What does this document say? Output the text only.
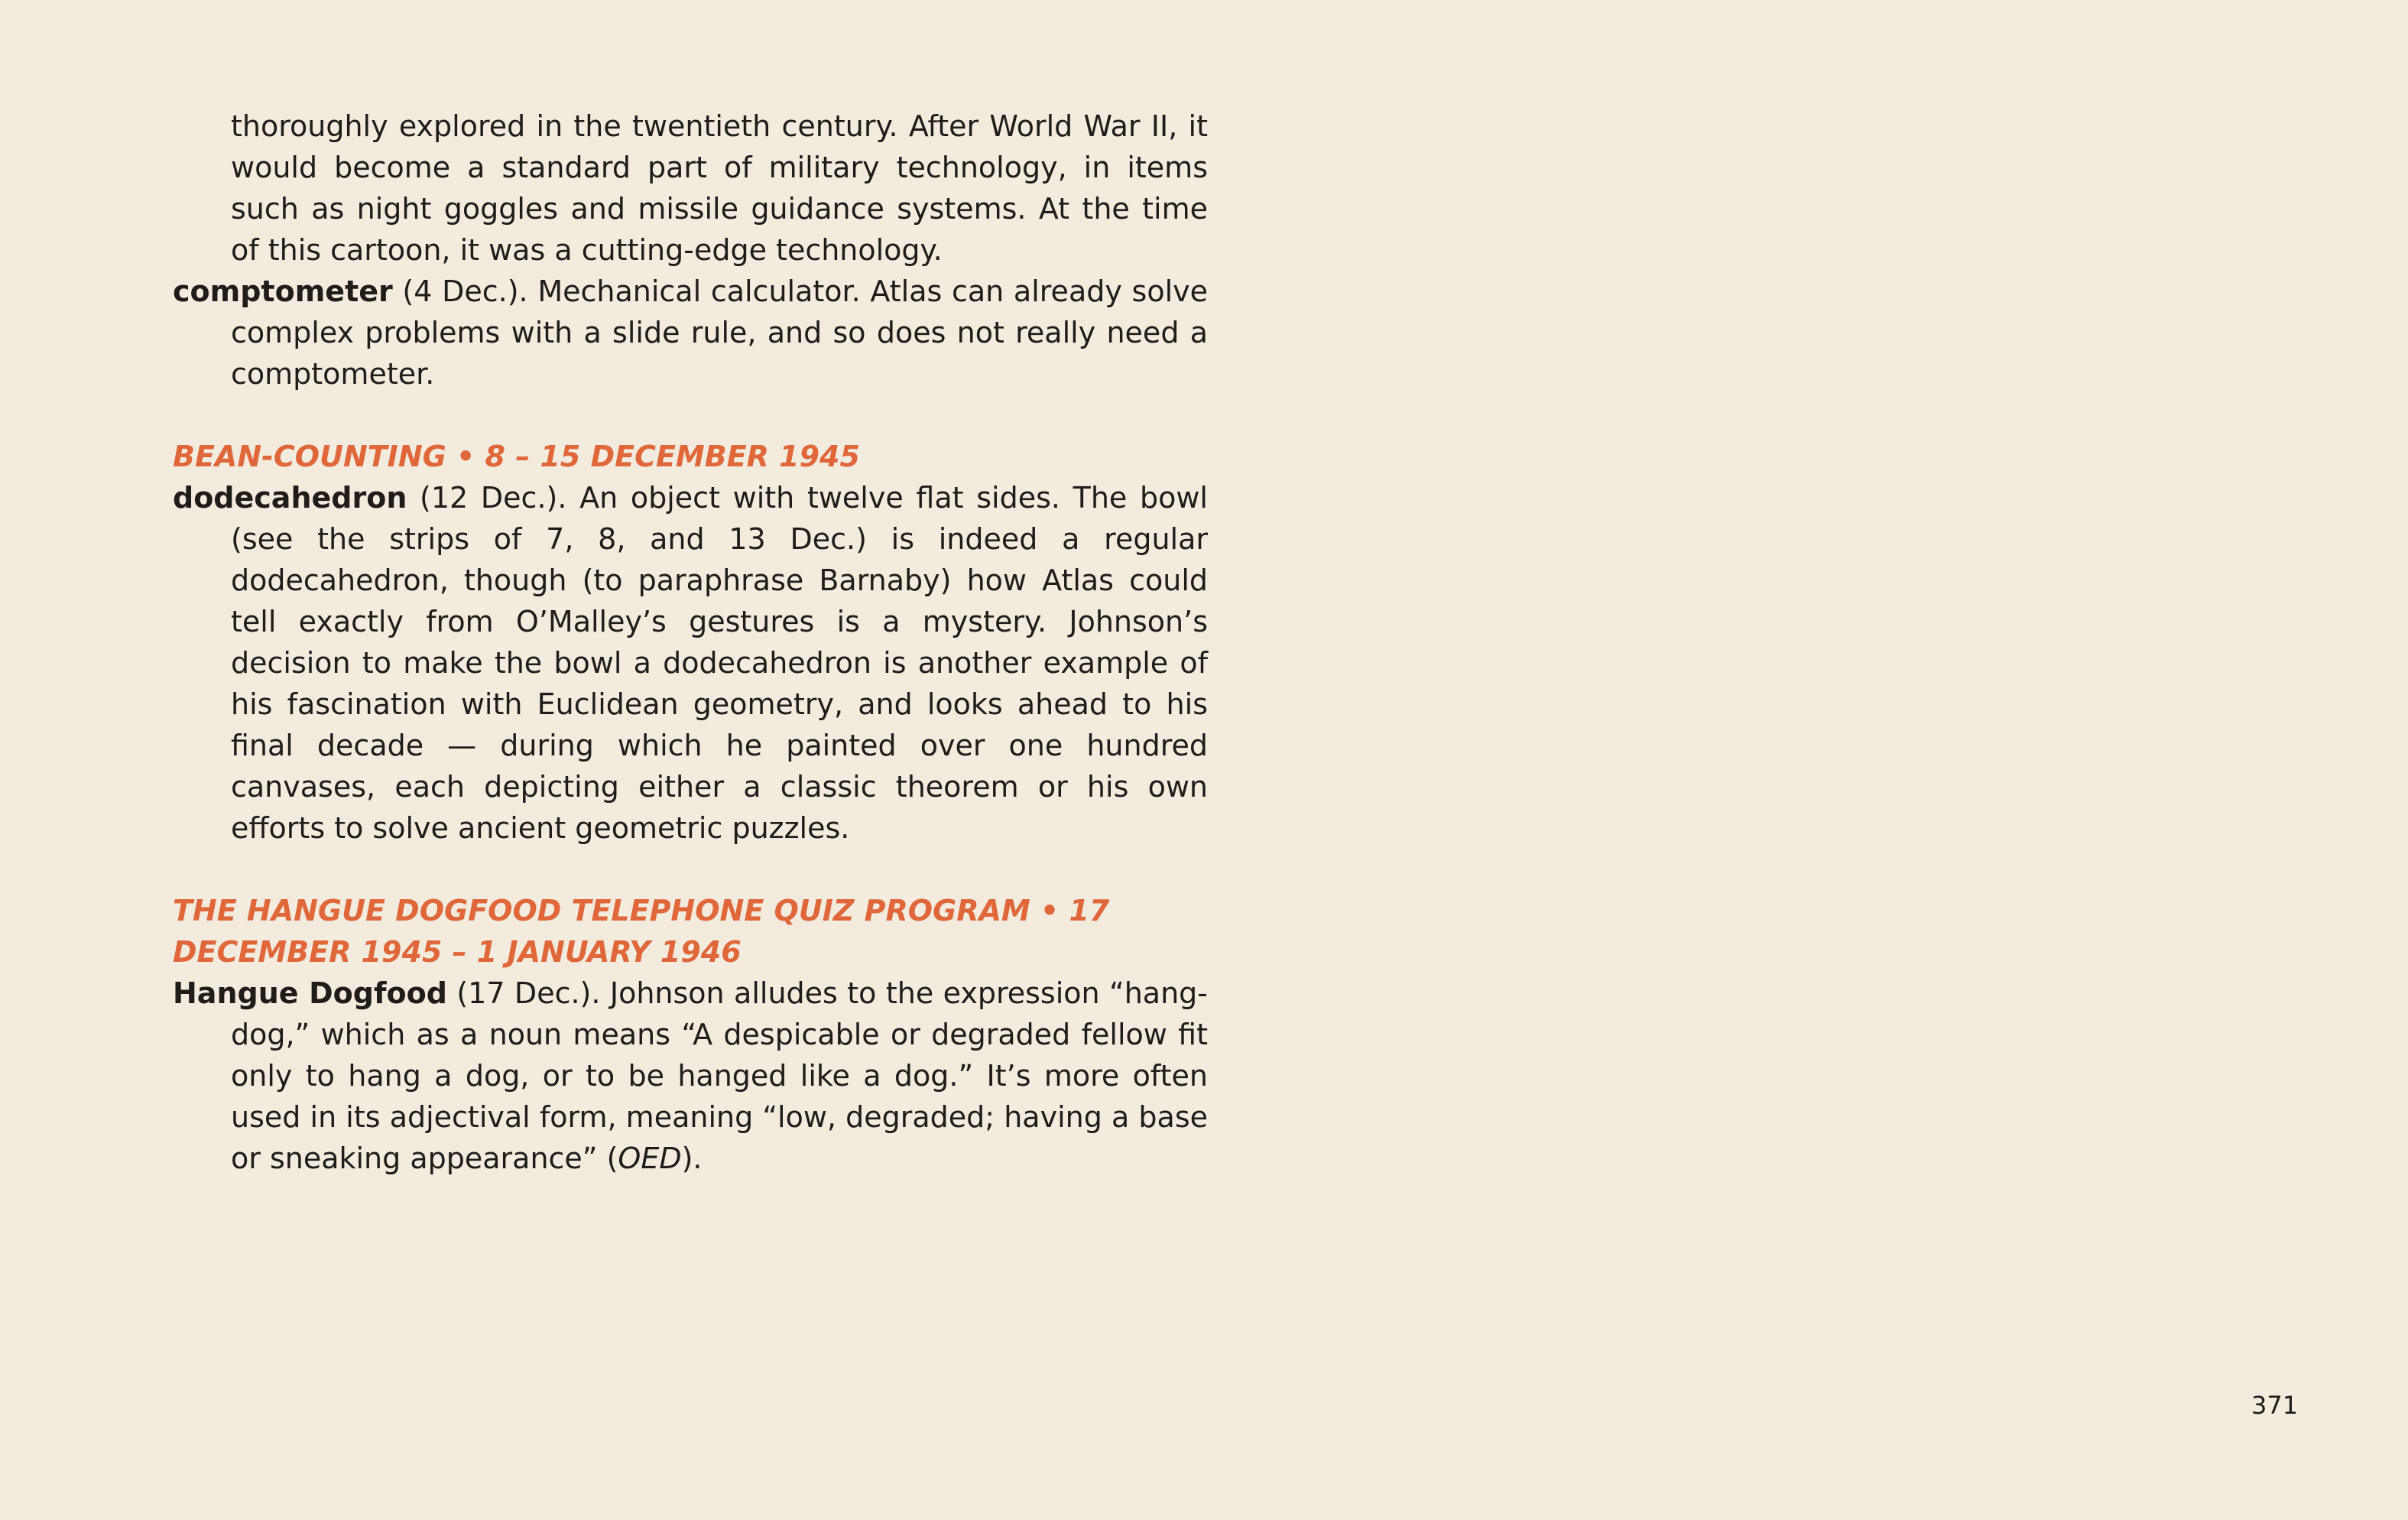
thoroughly explored in the twentieth century. After World War II, it would become a standard part of military technology, in items such as night goggles and missile guidance systems. At the time of this cartoon, it was a cutting-edge technology.

comptometer (4 Dec.). Mechanical calculator. Atlas can already solve complex problems with a slide rule, and so does not really need a comptometer.

BEAN-COUNTING • 8 – 15 DECEMBER 1945

dodecahedron (12 Dec.). An object with twelve flat sides. The bowl (see the strips of 7, 8, and 13 Dec.) is indeed a regular dodecahedron, though (to paraphrase Barnaby) how Atlas could tell exactly from O’Malley’s gestures is a mystery. Johnson’s decision to make the bowl a dodecahedron is another example of his fascination with Euclidean geometry, and looks ahead to his final decade — during which he painted over one hundred canvases, each depicting either a classic theorem or his own efforts to solve ancient geometric puzzles.

THE HANGUE DOGFOOD TELEPHONE QUIZ PROGRAM • 17 DECEMBER 1945 – 1 JANUARY 1946

Hangue Dogfood (17 Dec.). Johnson alludes to the expression “hang-dog,” which as a noun means “A despicable or degraded fellow fit only to hang a dog, or to be hanged like a dog.” It’s more often used in its adjectival form, meaning “low, degraded; having a base or sneaking appearance” (OED).

371
